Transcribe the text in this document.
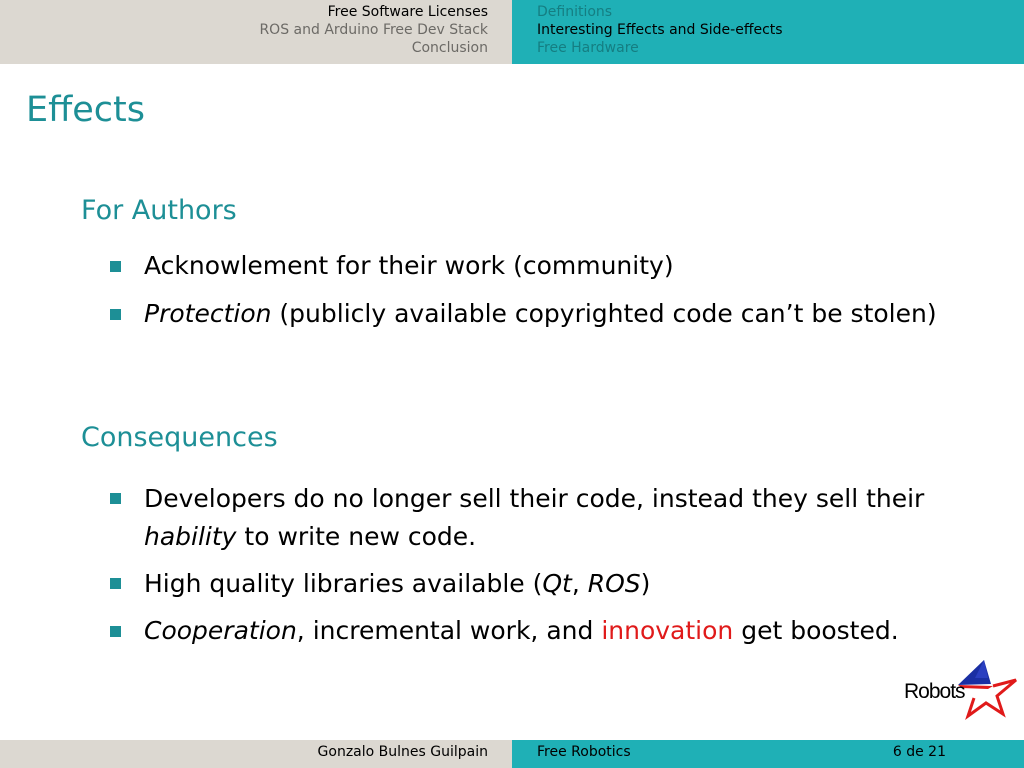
Free Software Licenses
ROS and Arduino Free Dev Stack
Conclusion
Definitions
Interesting Effects and Side-effects
Free Hardware
Effects
For Authors
Acknowlement for their work (community)
Protection (publicly available copyrighted code can’t be stolen)
Consequences
Developers do no longer sell their code, instead they sell their
hability to write new code.
High quality libraries available (Qt, ROS)
Cooperation, incremental work, and innovation get boosted.
Robots
Gonzalo Bulnes Guilpain	Free Robotics	6 de 21
